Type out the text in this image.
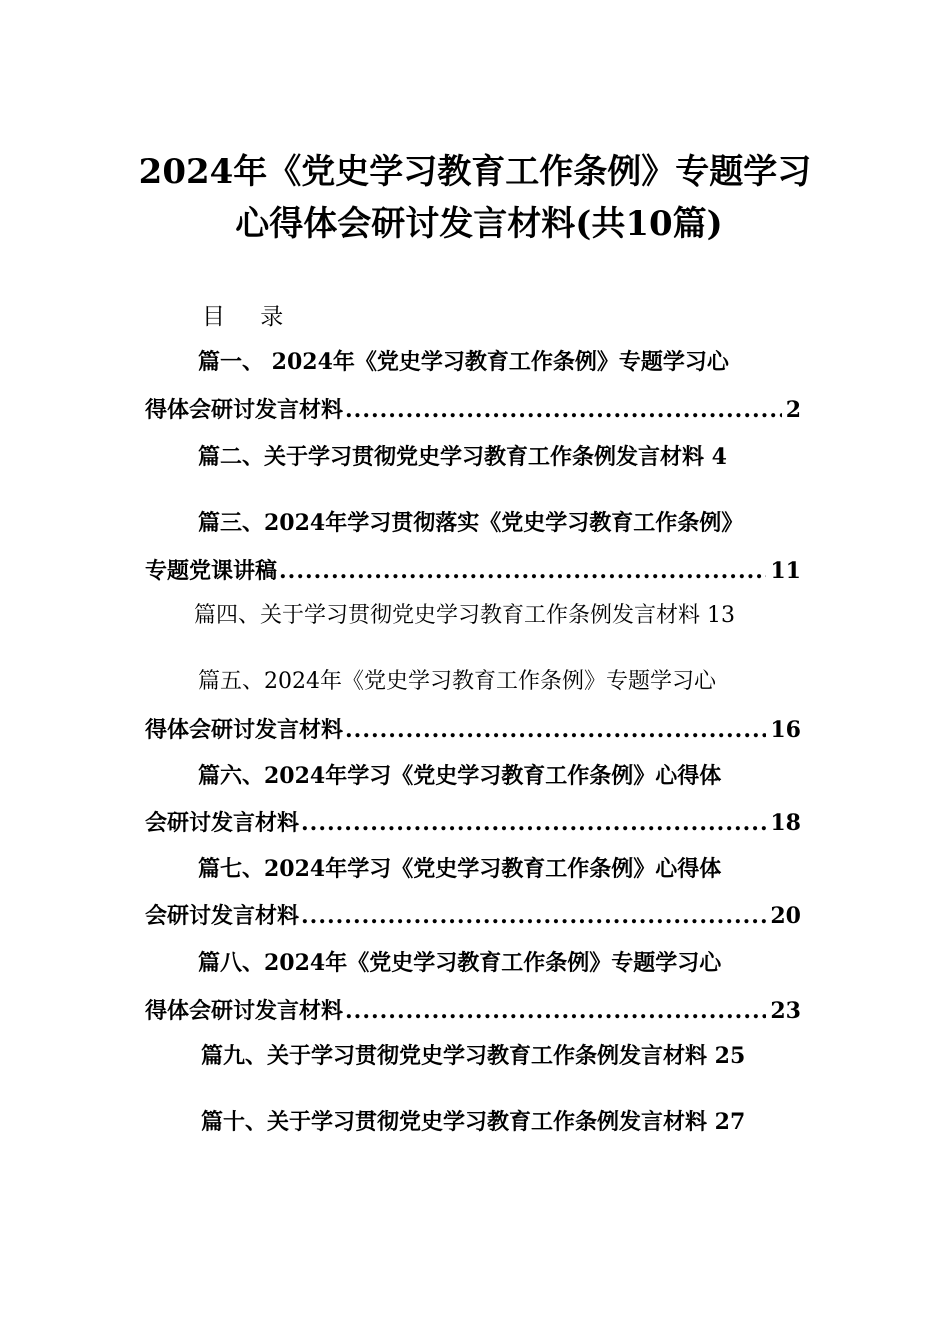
2024年《党史学习教育工作条例》专题学习
心得体会研讨发言材料(共10篇)
目 录
篇一、 2024年《党史学习教育工作条例》专题学习心
得体会研讨发言材料 .....	2
篇二、关于学习贯彻党史学习教育工作条例发言材料 4
篇三、2024年学习贯彻落实《党史学习教育工作条例》
专题党课讲稿 .....	11
篇四、关于学习贯彻党史学习教育工作条例发言材料 13
篇五、2024年《党史学习教育工作条例》专题学习心
得体会研讨发言材料 .....	16
篇六、2024年学习《党史学习教育工作条例》心得体
会研讨发言材料 .....	18
篇七、2024年学习《党史学习教育工作条例》心得体
会研讨发言材料 .....	20
篇八、2024年《党史学习教育工作条例》专题学习心
得体会研讨发言材料 .....	23
篇九、关于学习贯彻党史学习教育工作条例发言材料 25
篇十、关于学习贯彻党史学习教育工作条例发言材料 27
